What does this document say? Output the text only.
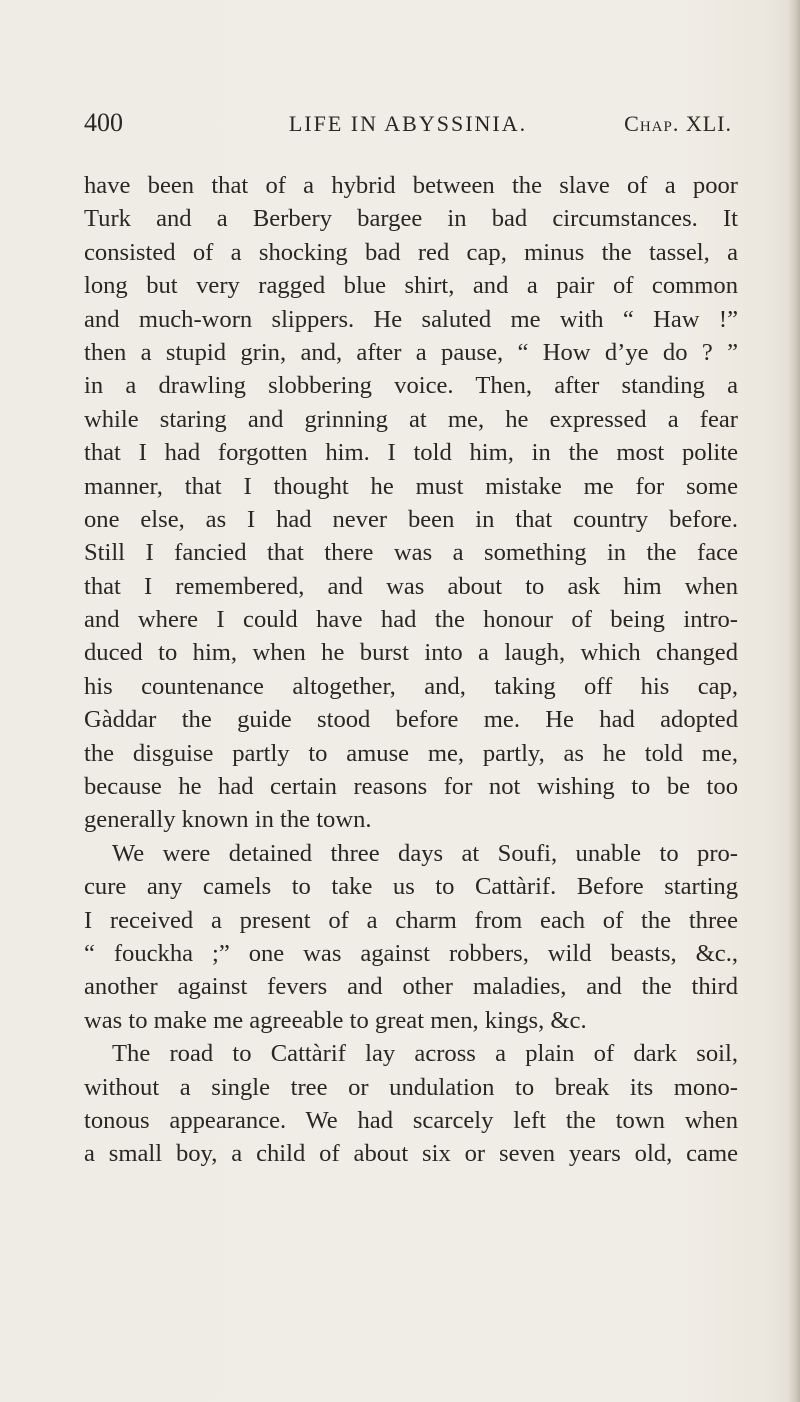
400	LIFE IN ABYSSINIA.	Chap. XLI.
have been that of a hybrid between the slave of a poor
Turk and a Berbery bargee in bad circumstances. It
consisted of a shocking bad red cap, minus the tassel, a
long but very ragged blue shirt, and a pair of common
and much-worn slippers. He saluted me with “ Haw !”
then a stupid grin, and, after a pause, “ How d’ye do ? ”
in a drawling slobbering voice. Then, after standing a
while staring and grinning at me, he expressed a fear
that I had forgotten him. I told him, in the most polite
manner, that I thought he must mistake me for some
one else, as I had never been in that country before.
Still I fancied that there was a something in the face
that I remembered, and was about to ask him when
and where I could have had the honour of being intro-
duced to him, when he burst into a laugh, which changed
his countenance altogether, and, taking off his cap,
Gàddar the guide stood before me. He had adopted
the disguise partly to amuse me, partly, as he told me,
because he had certain reasons for not wishing to be too
generally known in the town.
We were detained three days at Soufi, unable to pro-
cure any camels to take us to Cattàrif. Before starting
I received a present of a charm from each of the three
“ fouckha ;” one was against robbers, wild beasts, &c.,
another against fevers and other maladies, and the third
was to make me agreeable to great men, kings, &c.
The road to Cattàrif lay across a plain of dark soil,
without a single tree or undulation to break its mono-
tonous appearance. We had scarcely left the town when
a small boy, a child of about six or seven years old, came
